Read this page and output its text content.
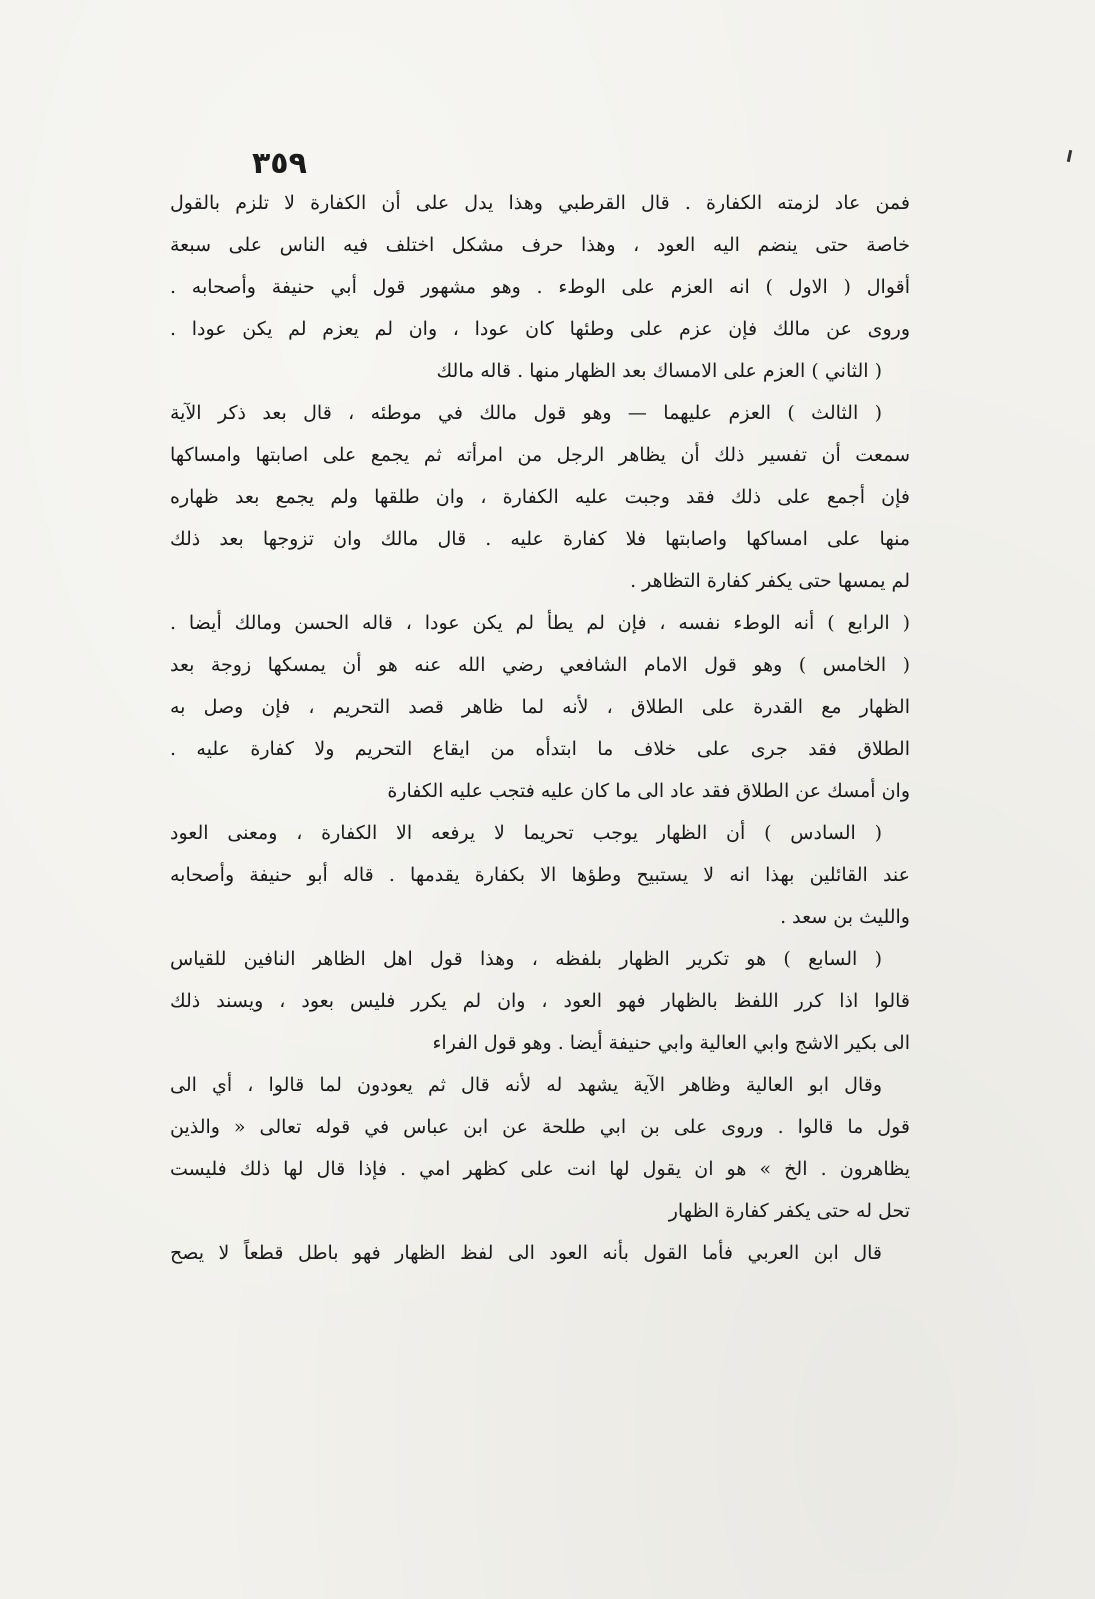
٣٥٩
فمن عاد لزمته الكفارة . قال القرطبي وهذا يدل على أن الكفارة لا تلزم بالقول
خاصة حتى ينضم اليه العود ، وهذا حرف مشكل اختلف فيه الناس على سبعة
أقوال ( الاول ) انه العزم على الوطء . وهو مشهور قول أبي حنيفة وأصحابه .
وروى عن مالك فإن عزم على وطئها كان عودا ، وان لم يعزم لم يكن عودا .
( الثاني ) العزم على الامساك بعد الظهار منها . قاله مالك
( الثالث ) العزم عليهما — وهو قول مالك في موطئه ، قال بعد ذكر الآية
سمعت أن تفسير ذلك أن يظاهر الرجل من امرأته ثم يجمع على اصابتها وامساكها
فإن أجمع على ذلك فقد وجبت عليه الكفارة ، وان طلقها ولم يجمع بعد ظهاره
منها على امساكها واصابتها فلا كفارة عليه . قال مالك وان تزوجها بعد ذلك
لم يمسها حتى يكفر كفارة التظاهر .
( الرابع ) أنه الوطء نفسه ، فإن لم يطأ لم يكن عودا ، قاله الحسن ومالك أيضا .
( الخامس ) وهو قول الامام الشافعي رضي الله عنه هو أن يمسكها زوجة بعد
الظهار مع القدرة على الطلاق ، لأنه لما ظاهر قصد التحريم ، فإن وصل به
الطلاق فقد جرى على خلاف ما ابتدأه من ايقاع التحريم ولا كفارة عليه .
وان أمسك عن الطلاق فقد عاد الى ما كان عليه فتجب عليه الكفارة
( السادس ) أن الظهار يوجب تحريما لا يرفعه الا الكفارة ، ومعنى العود
عند القائلين بهذا انه لا يستبيح وطؤها الا بكفارة يقدمها . قاله أبو حنيفة وأصحابه
والليث بن سعد .
( السابع ) هو تكرير الظهار بلفظه ، وهذا قول اهل الظاهر النافين للقياس
قالوا اذا كرر اللفظ بالظهار فهو العود ، وان لم يكرر فليس بعود ، ويسند ذلك
الى بكير الاشج وابي العالية وابي حنيفة أيضا . وهو قول الفراء
وقال ابو العالية وظاهر الآية يشهد له لأنه قال ثم يعودون لما قالوا ، أي الى
قول ما قالوا . وروى على بن ابي طلحة عن ابن عباس في قوله تعالى « والذين
يظاهرون . الخ » هو ان يقول لها انت على كظهر امي . فإذا قال لها ذلك فليست
تحل له حتى يكفر كفارة الظهار
قال ابن العربي فأما القول بأنه العود الى لفظ الظهار فهو باطل قطعاً لا يصح
